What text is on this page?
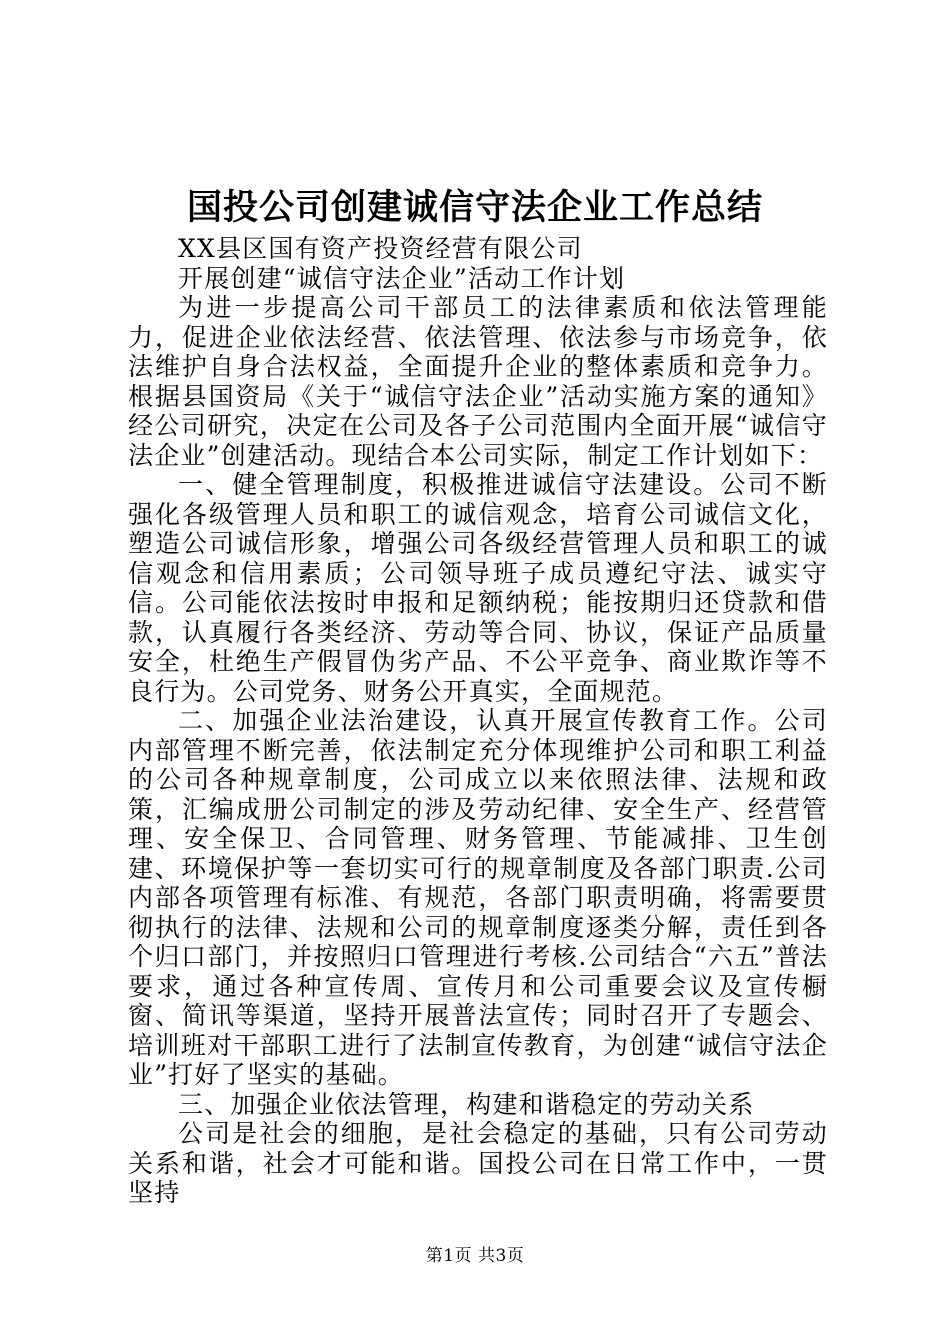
国投公司创建诚信守法企业工作总结

XX县区国有资产投资经营有限公司

开展创建“诚信守法企业”活动工作计划

为进一步提高公司干部员工的法律素质和依法管理能力，促进企业依法经营、依法管理、依法参与市场竞争，依法维护自身合法权益，全面提升企业的整体素质和竞争力。根据县国资局《关于“诚信守法企业”活动实施方案的通知》经公司研究，决定在公司及各子公司范围内全面开展“诚信守法企业”创建活动。现结合本公司实际，制定工作计划如下：

一、健全管理制度，积极推进诚信守法建设。公司不断强化各级管理人员和职工的诚信观念，培育公司诚信文化，塑造公司诚信形象，增强公司各级经营管理人员和职工的诚信观念和信用素质；公司领导班子成员遵纪守法、诚实守信。公司能依法按时申报和足额纳税；能按期归还贷款和借款，认真履行各类经济、劳动等合同、协议，保证产品质量安全，杜绝生产假冒伪劣产品、不公平竞争、商业欺诈等不良行为。公司党务、财务公开真实，全面规范。

二、加强企业法治建设，认真开展宣传教育工作。公司内部管理不断完善，依法制定充分体现维护公司和职工利益的公司各种规章制度，公司成立以来依照法律、法规和政策，汇编成册公司制定的涉及劳动纪律、安全生产、经营管理、安全保卫、合同管理、财务管理、节能减排、卫生创建、环境保护等一套切实可行的规章制度及各部门职责.公司内部各项管理有标准、有规范，各部门职责明确，将需要贯彻执行的法律、法规和公司的规章制度逐类分解，责任到各个归口部门，并按照归口管理进行考核.公司结合“六五”普法要求，通过各种宣传周、宣传月和公司重要会议及宣传橱窗、简讯等渠道，坚持开展普法宣传；同时召开了专题会、培训班对干部职工进行了法制宣传教育，为创建“诚信守法企业”打好了坚实的基础。

三、加强企业依法管理，构建和谐稳定的劳动关系

公司是社会的细胞，是社会稳定的基础，只有公司劳动关系和谐，社会才可能和谐。国投公司在日常工作中，一贯坚持

第1页 共3页
